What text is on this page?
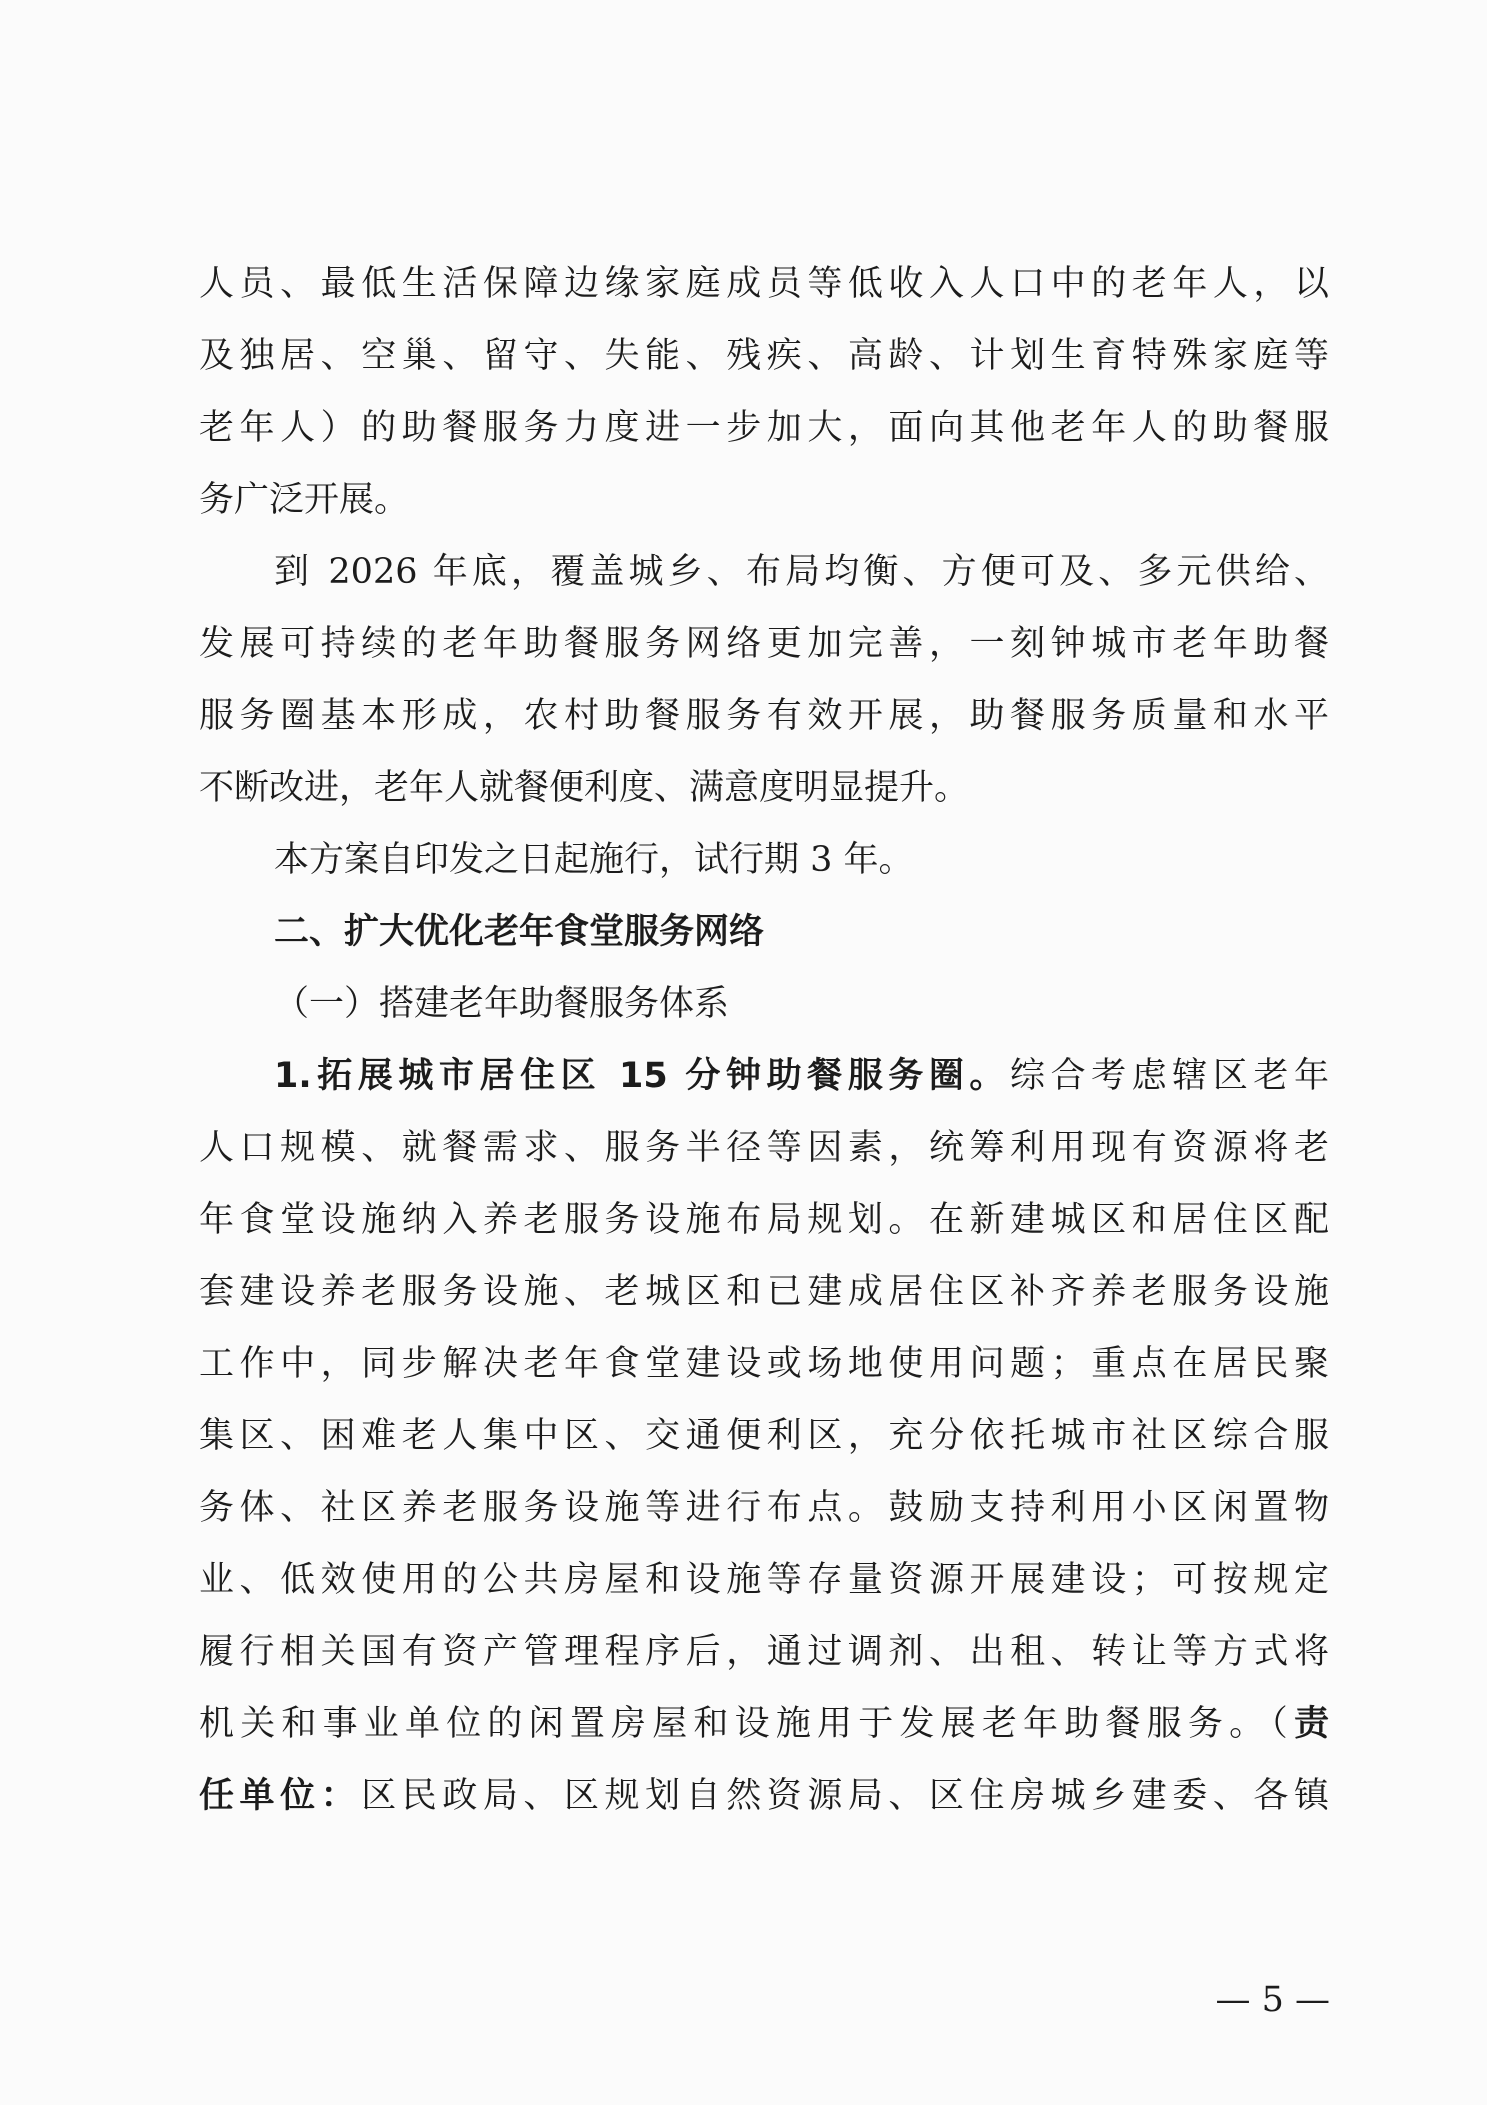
人员、最低生活保障边缘家庭成员等低收入人口中的老年人，以
及独居、空巢、留守、失能、残疾、高龄、计划生育特殊家庭等
老年人）的助餐服务力度进一步加大，面向其他老年人的助餐服
务广泛开展。
到 2026 年底，覆盖城乡、布局均衡、方便可及、多元供给、
发展可持续的老年助餐服务网络更加完善，一刻钟城市老年助餐
服务圈基本形成，农村助餐服务有效开展，助餐服务质量和水平
不断改进，老年人就餐便利度、满意度明显提升。
本方案自印发之日起施行，试行期 3 年。
二、扩大优化老年食堂服务网络
（一）搭建老年助餐服务体系
1.拓展城市居住区 15 分钟助餐服务圈。综合考虑辖区老年
人口规模、就餐需求、服务半径等因素，统筹利用现有资源将老
年食堂设施纳入养老服务设施布局规划。在新建城区和居住区配
套建设养老服务设施、老城区和已建成居住区补齐养老服务设施
工作中，同步解决老年食堂建设或场地使用问题；重点在居民聚
集区、困难老人集中区、交通便利区，充分依托城市社区综合服
务体、社区养老服务设施等进行布点。鼓励支持利用小区闲置物
业、低效使用的公共房屋和设施等存量资源开展建设；可按规定
履行相关国有资产管理程序后，通过调剂、出租、转让等方式将
机关和事业单位的闲置房屋和设施用于发展老年助餐服务。（责
任单位：区民政局、区规划自然资源局、区住房城乡建委、各镇
— 5 —
